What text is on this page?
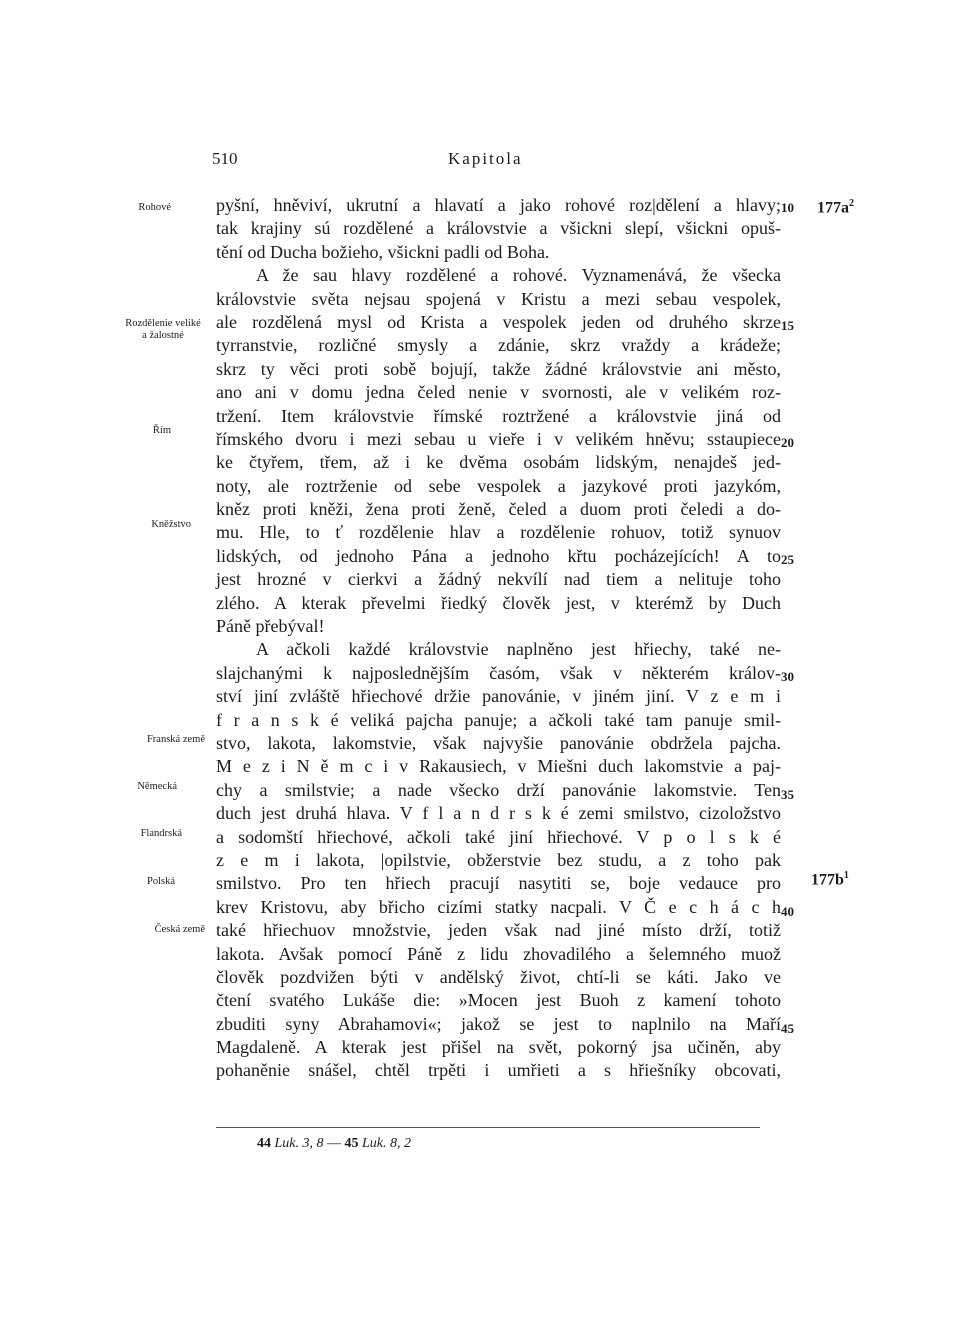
510	Kapitola
Rohové
Rozdělenie veliké
a žalostné
Řím
Kněžstvo
Franská země
Německá
Flandrská
Polská
Česká země
10
15
20
25
30
35
40
45
$177a^2$
$177b^1$
pyšní, hněviví, ukrutní a hlavatí a jako rohové roz|dělení a hlavy;
tak krajiny sú rozdělené a královstvie a všickni slepí, všickni opuš-
tění od Ducha božieho, všickni padli od Boha.
A že sau hlavy rozdělené a rohové. Vyznamenává, že všecka
královstvie světa nejsau spojená v Kristu a mezi sebau vespolek,
ale rozdělená mysl od Krista a vespolek jeden od druhého skrze
tyrranstvie, rozličné smysly a zdánie, skrz vraždy a krádeže;
skrz ty věci proti sobě bojují, takže žádné královstvie ani město,
ano ani v domu jedna čeled nenie v svornosti, ale v velikém roz-
tržení. Item královstvie římské roztržené a královstvie jiná od
římského dvoru i mezi sebau u vieře i v velikém hněvu; sstaupiece
ke čtyřem, třem, až i ke dvěma osobám lidským, nenajdeš jed-
noty, ale roztrženie od sebe vespolek a jazykové proti jazykóm,
kněz proti kněži, žena proti ženě, čeled a duom proti čeledi a do-
mu. Hle, to ť rozdělenie hlav a rozdělenie rohuov, totiž synuov
lidských, od jednoho Pána a jednoho křtu pocházejících! A to
jest hrozné v cierkvi a žádný nekvílí nad tiem a nelituje toho
zlého. A kterak převelmi řiedký člověk jest, v kterémž by Duch
Páně přebýval!
A ačkoli každé královstvie naplněno jest hřiechy, také ne-
slajchanými k najposlednějším časóm, však v některém králov-
ství jiní zvláště hřiechové držie panovánie, v jiném jiní. V z e m i
f r a n s k é veliká pajcha panuje; a ačkoli také tam panuje smil-
stvo, lakota, lakomstvie, však najvyšie panovánie obdržela pajcha.
M e z i N ě m c i v Rakausiech, v Miešni duch lakomstvie a paj-
chy a smilstvie; a nade všecko drží panovánie lakomstvie. Ten
duch jest druhá hlava. V f l a n d r s k é zemi smilstvo, cizoložstvo
a sodomští hřiechové, ačkoli také jiní hřiechové. V p o l s k é
z e m i lakota, |opilstvie, obžerstvie bez studu, a z toho pak
smilstvo. Pro ten hřiech pracují nasytiti se, boje vedauce pro
krev Kristovu, aby břicho cizími statky nacpali. V Č e c h á c h
také hřiechuov množstvie, jeden však nad jiné místo drží, totiž
lakota. Avšak pomocí Páně z lidu zhovadilého a šelemného muož
člověk pozdvižen býti v andělský život, chtí-li se káti. Jako ve
čtení svatého Lukáše die: »Mocen jest Buoh z kamení tohoto
zbuditi syny Abrahamovi«; jakož se jest to naplnilo na Maří
Magdaleně. A kterak jest přišel na svět, pokorný jsa učiněn, aby
pohaněnie snášel, chtěl trpěti i umřieti a s hřiešníky obcovati,
44 Luk. 3, 8 — 45 Luk. 8, 2
